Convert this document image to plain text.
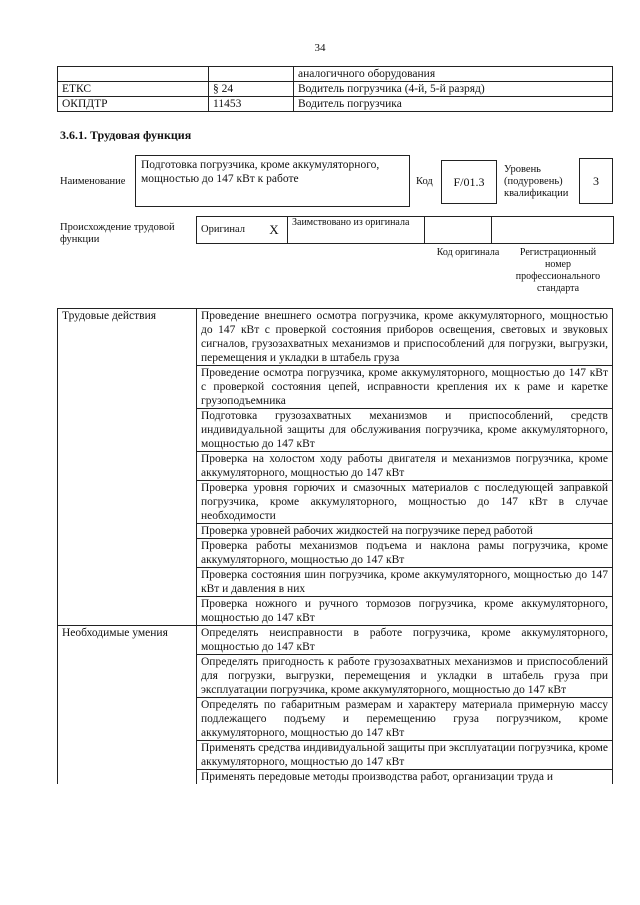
34
		аналогичного оборудования
ЕТКС	§ 24	Водитель погрузчика (4-й, 5-й разряд)
ОКПДТР	11453	Водитель погрузчика
3.6.1. Трудовая функция
Наименование
Подготовка погрузчика, кроме аккумуляторного, мощностью до 147 кВт к работе	Код	F/01.3
Уровень (подуровень) квалификации
3
Происхождение трудовой функции
Оригинал	X	Заимствовано из оригинала		
Код оригинала	Регистрационный номер профессионального стандарта
Трудовые действия	Проведение внешнего осмотра погрузчика, кроме аккумуляторного, мощностью до 147 кВт с проверкой состояния приборов освещения, световых и звуковых сигналов, грузозахватных механизмов и приспособлений для погрузки, выгрузки, перемещения и укладки в штабель груза
	Проведение осмотра погрузчика, кроме аккумуляторного, мощностью до 147 кВт с проверкой состояния цепей, исправности крепления их к раме и каретке грузоподъемника
	Подготовка грузозахватных механизмов и приспособлений, средств индивидуальной защиты для обслуживания погрузчика, кроме аккумуляторного, мощностью до 147 кВт
	Проверка на холостом ходу работы двигателя и механизмов погрузчика, кроме аккумуляторного, мощностью до 147 кВт
	Проверка уровня горючих и смазочных материалов с последующей заправкой погрузчика, кроме аккумуляторного, мощностью до 147 кВт в случае необходимости
	Проверка уровней рабочих жидкостей на погрузчике перед работой
	Проверка работы механизмов подъема и наклона рамы погрузчика, кроме аккумуляторного, мощностью до 147 кВт
	Проверка состояния шин погрузчика, кроме аккумуляторного, мощностью до 147 кВт и давления в них
	Проверка ножного и ручного тормозов погрузчика, кроме аккумуляторного, мощностью до 147 кВт
Необходимые умения	Определять неисправности в работе погрузчика, кроме аккумуляторного, мощностью до 147 кВт
	Определять пригодность к работе грузозахватных механизмов и приспособлений для погрузки, выгрузки, перемещения и укладки в штабель груза при эксплуатации погрузчика, кроме аккумуляторного, мощностью до 147 кВт
	Определять по габаритным размерам и характеру материала примерную массу подлежащего подъему и перемещению груза погрузчиком, кроме аккумуляторного, мощностью до 147 кВт
	Применять средства индивидуальной защиты при эксплуатации погрузчика, кроме аккумуляторного, мощностью до 147 кВт
	Применять передовые методы производства работ, организации труда и
